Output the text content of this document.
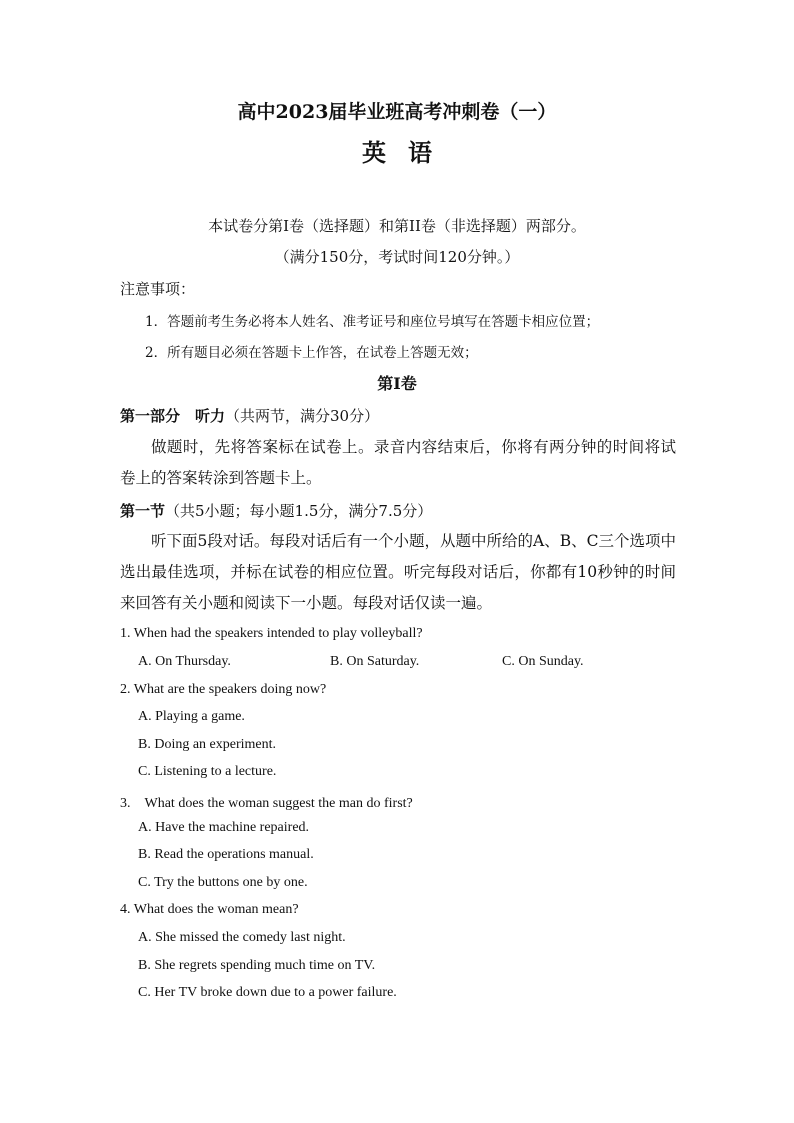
高中2023届毕业班高考冲刺卷（一）
英语
本试卷分第I卷（选择题）和第II卷（非选择题）两部分。
（满分150分，考试时间120分钟。）
注意事项：
1．答题前考生务必将本人姓名、准考证号和座位号填写在答题卡相应位置；
2．所有题目必须在答题卡上作答，在试卷上答题无效；
第I卷
第一部分　听力（共两节，满分30分）
做题时，先将答案标在试卷上。录音内容结束后，你将有两分钟的时间将试卷上的答案转涂到答题卡上。
第一节（共5小题；每小题1.5分，满分7.5分）
听下面5段对话。每段对话后有一个小题，从题中所给的A、B、C三个选项中选出最佳选项，并标在试卷的相应位置。听完每段对话后，你都有10秒钟的时间来回答有关小题和阅读下一小题。每段对话仅读一遍。
1. When had the speakers intended to play volleyball?
A. On Thursday.	B. On Saturday.	C. On Sunday.
2. What are the speakers doing now?
A. Playing a game.
B. Doing an experiment.
C. Listening to a lecture.
3.　What does the woman suggest the man do first?
A. Have the machine repaired.
B. Read the operations manual.
C. Try the buttons one by one.
4. What does the woman mean?
A. She missed the comedy last night.
B. She regrets spending much time on TV.
C. Her TV broke down due to a power failure.
